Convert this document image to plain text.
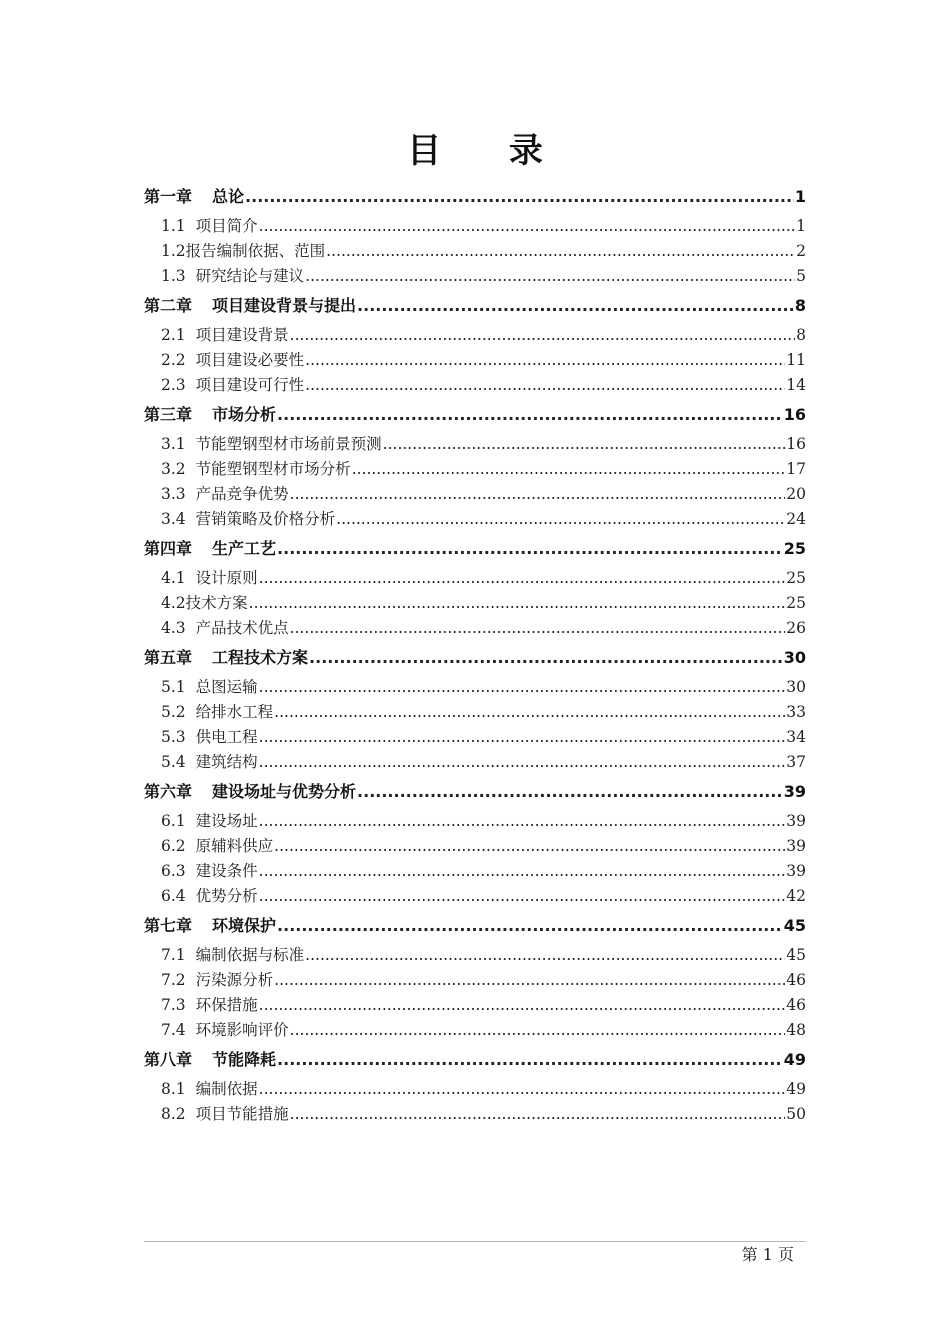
目 录
第一章 总论 .....	1
1.1 项目简介 .....	1
1.2报告编制依据、范围 .....	2
1.3 研究结论与建议 .....	5
第二章 项目建设背景与提出 .....	8
2.1 项目建设背景 .....	8
2.2 项目建设必要性 .....	11
2.3 项目建设可行性 .....	14
第三章 市场分析 .....	16
3.1 节能塑钢型材市场前景预测 .....	16
3.2 节能塑钢型材市场分析 .....	17
3.3 产品竞争优势 .....	20
3.4 营销策略及价格分析 .....	24
第四章 生产工艺 .....	25
4.1 设计原则 .....	25
4.2技术方案 .....	25
4.3 产品技术优点 .....	26
第五章 工程技术方案 .....	30
5.1 总图运输 .....	30
5.2 给排水工程 .....	33
5.3 供电工程 .....	34
5.4 建筑结构 .....	37
第六章 建设场址与优势分析 .....	39
6.1 建设场址 .....	39
6.2 原辅料供应 .....	39
6.3 建设条件 .....	39
6.4 优势分析 .....	42
第七章 环境保护 .....	45
7.1 编制依据与标准 .....	45
7.2 污染源分析 .....	46
7.3 环保措施 .....	46
7.4 环境影响评价 .....	48
第八章 节能降耗 .....	49
8.1 编制依据 .....	49
8.2 项目节能措施 .....	50
第 1 页
